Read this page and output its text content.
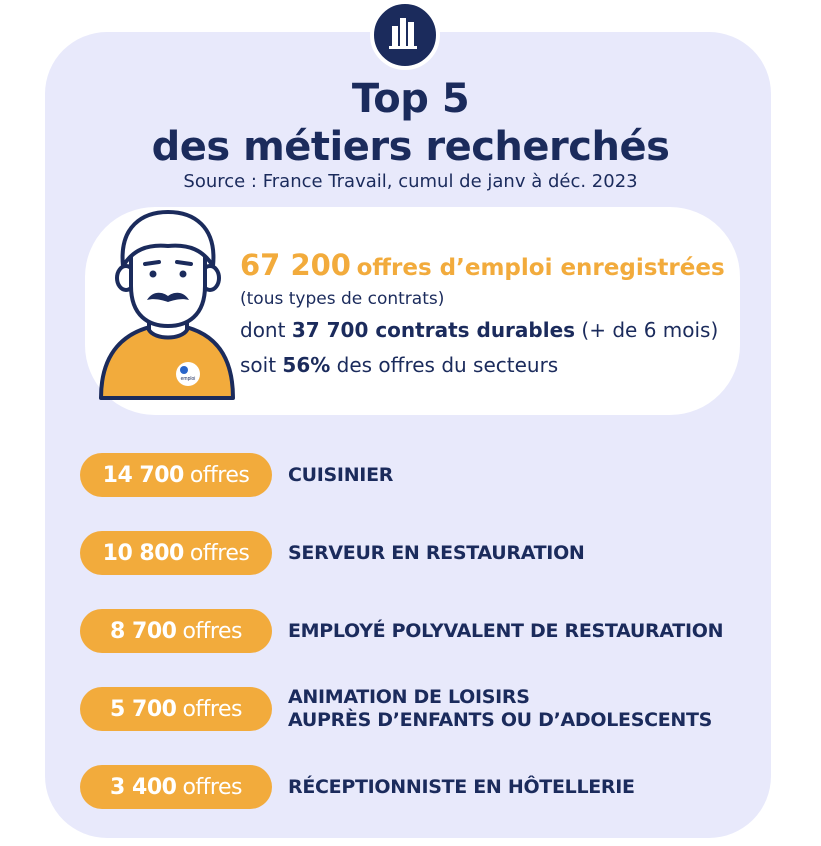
Top 5
des métiers recherchés
Source : France Travail, cumul de janv à déc. 2023
emploi
67 200 offres d’emploi enregistrées
(tous types de contrats)
dont 37 700 contrats durables (+ de 6 mois)
soit 56% des offres du secteurs
14 700 offres CUISINIER
10 800 offres SERVEUR EN RESTAURATION
8 700 offres EMPLOYÉ POLYVALENT DE RESTAURATION
5 700 offres ANIMATION DE LOISIRS
AUPRÈS D’ENFANTS OU D’ADOLESCENTS
3 400 offres RÉCEPTIONNISTE EN HÔTELLERIE
